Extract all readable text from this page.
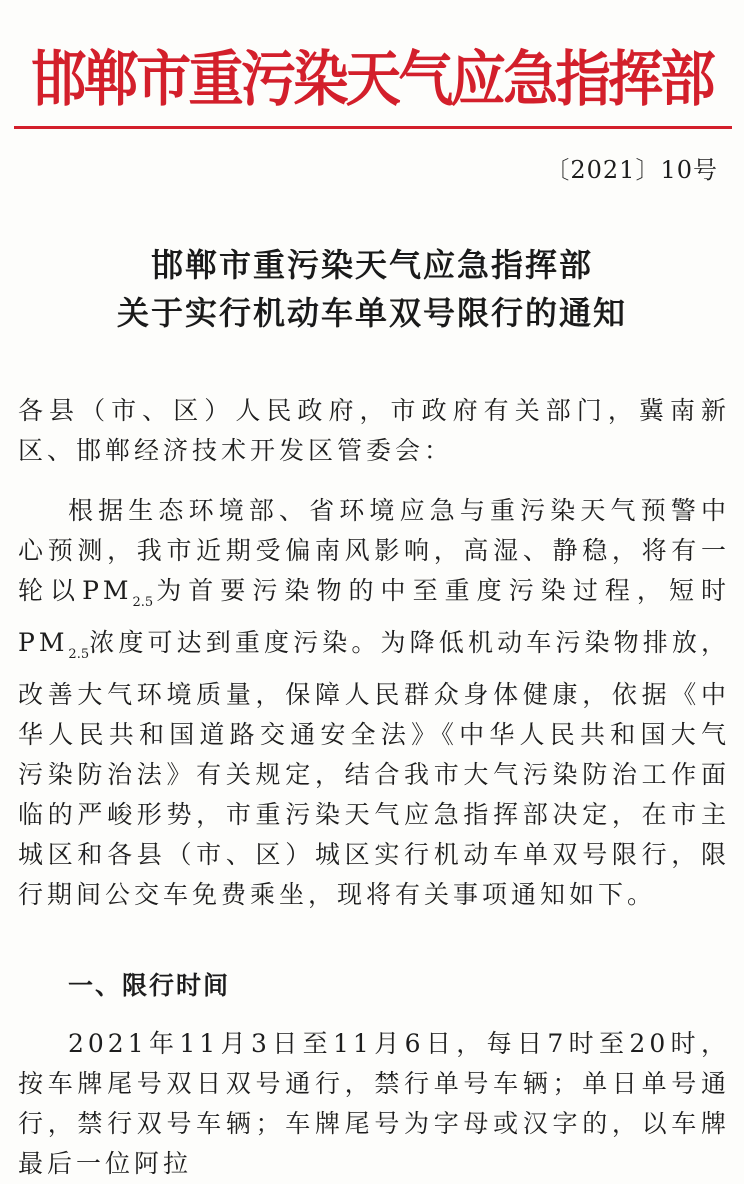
邯郸市重污染天气应急指挥部
〔2021〕10号
邯郸市重污染天气应急指挥部
关于实行机动车单双号限行的通知

各县（市、区）人民政府，市政府有关部门，冀南新区、邯郸经济技术开发区管委会：

根据生态环境部、省环境应急与重污染天气预警中心预测，我市近期受偏南风影响，高湿、静稳，将有一轮以$PM_{2.5}$为首要污染物的中至重度污染过程，短时$PM_{2.5}$浓度可达到重度污染。为降低机动车污染物排放，改善大气环境质量，保障人民群众身体健康，依据《中华人民共和国道路交通安全法》《中华人民共和国大气污染防治法》有关规定，结合我市大气污染防治工作面临的严峻形势，市重污染天气应急指挥部决定，在市主城区和各县（市、区）城区实行机动车单双号限行，限行期间公交车免费乘坐，现将有关事项通知如下。

一、限行时间

2021年11月3日至11月6日，每日7时至20时，按车牌尾号双日双号通行，禁行单号车辆；单日单号通行，禁行双号车辆；车牌尾号为字母或汉字的，以车牌最后一位阿拉
